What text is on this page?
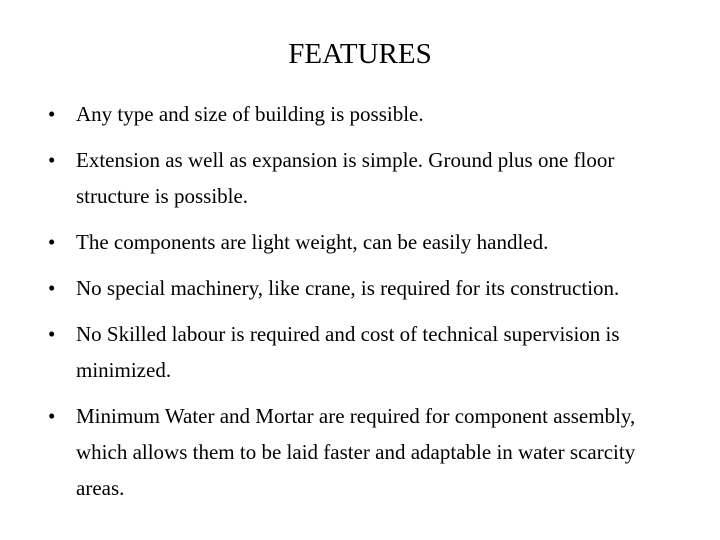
FEATURES
• Any type and size of building is possible.
• Extension as well as expansion is simple. Ground plus one floor structure is possible.
• The components are light weight, can be easily handled.
• No special machinery, like crane, is required for its construction.
• No Skilled labour is required and cost of technical supervision is minimized.
• Minimum Water and Mortar are required for component assembly, which allows them to be laid faster and adaptable in water scarcity areas.
